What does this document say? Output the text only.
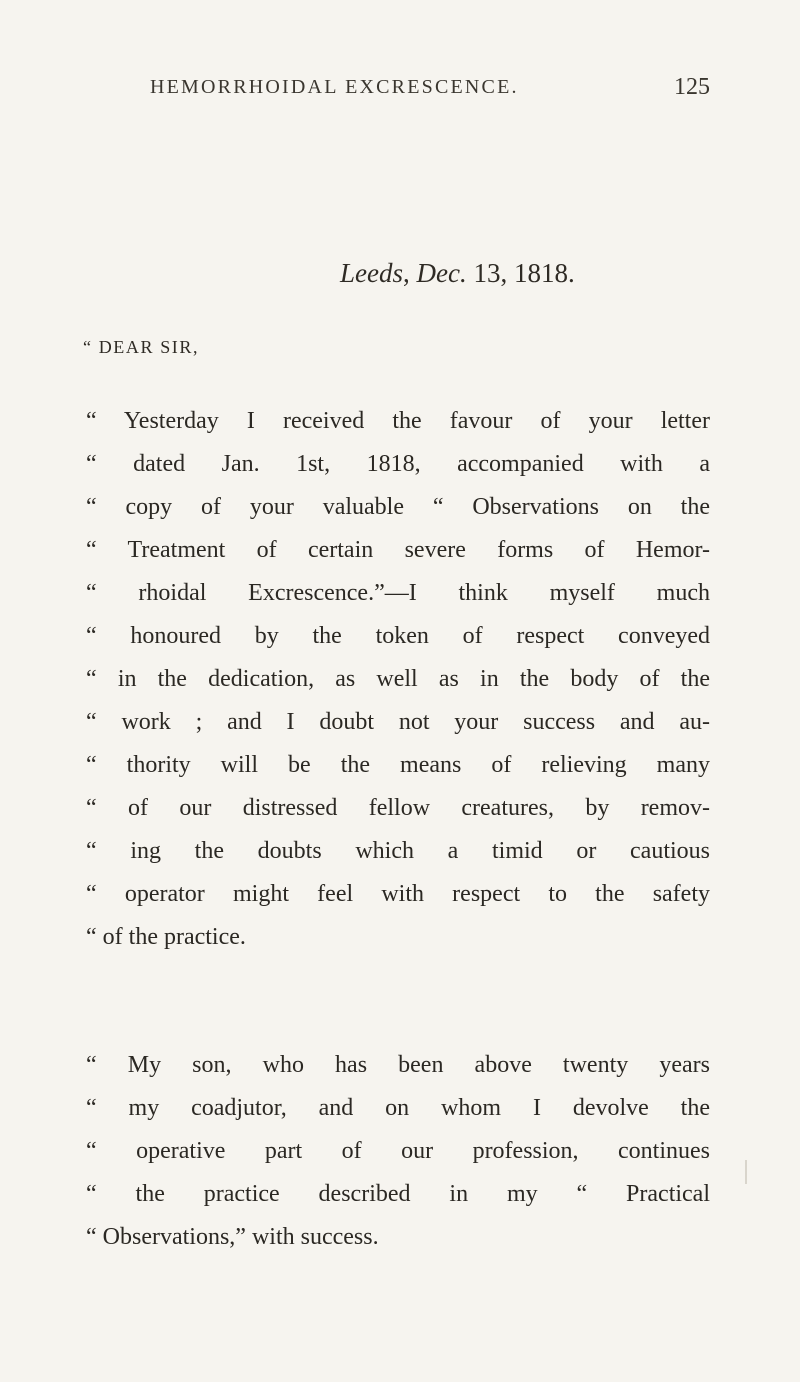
HEMORRHOIDAL EXCRESCENCE.	125
Leeds, Dec. 13, 1818.
“ DEAR SIR,
“ Yesterday I received the favour of your letter
“ dated Jan. 1st, 1818, accompanied with a
“ copy of your valuable “ Observations on the
“ Treatment of certain severe forms of Hemor-
“ rhoidal Excrescence.”—I think myself much
“ honoured by the token of respect conveyed
“ in the dedication, as well as in the body of the
“ work ; and I doubt not your success and au-
“ thority will be the means of relieving many
“ of our distressed fellow creatures, by remov-
“ ing the doubts which a timid or cautious
“ operator might feel with respect to the safety
“ of the practice.
“ My son, who has been above twenty years
“ my coadjutor, and on whom I devolve the
“ operative part of our profession, continues
“ the practice described in my “ Practical
“ Observations,” with success.
